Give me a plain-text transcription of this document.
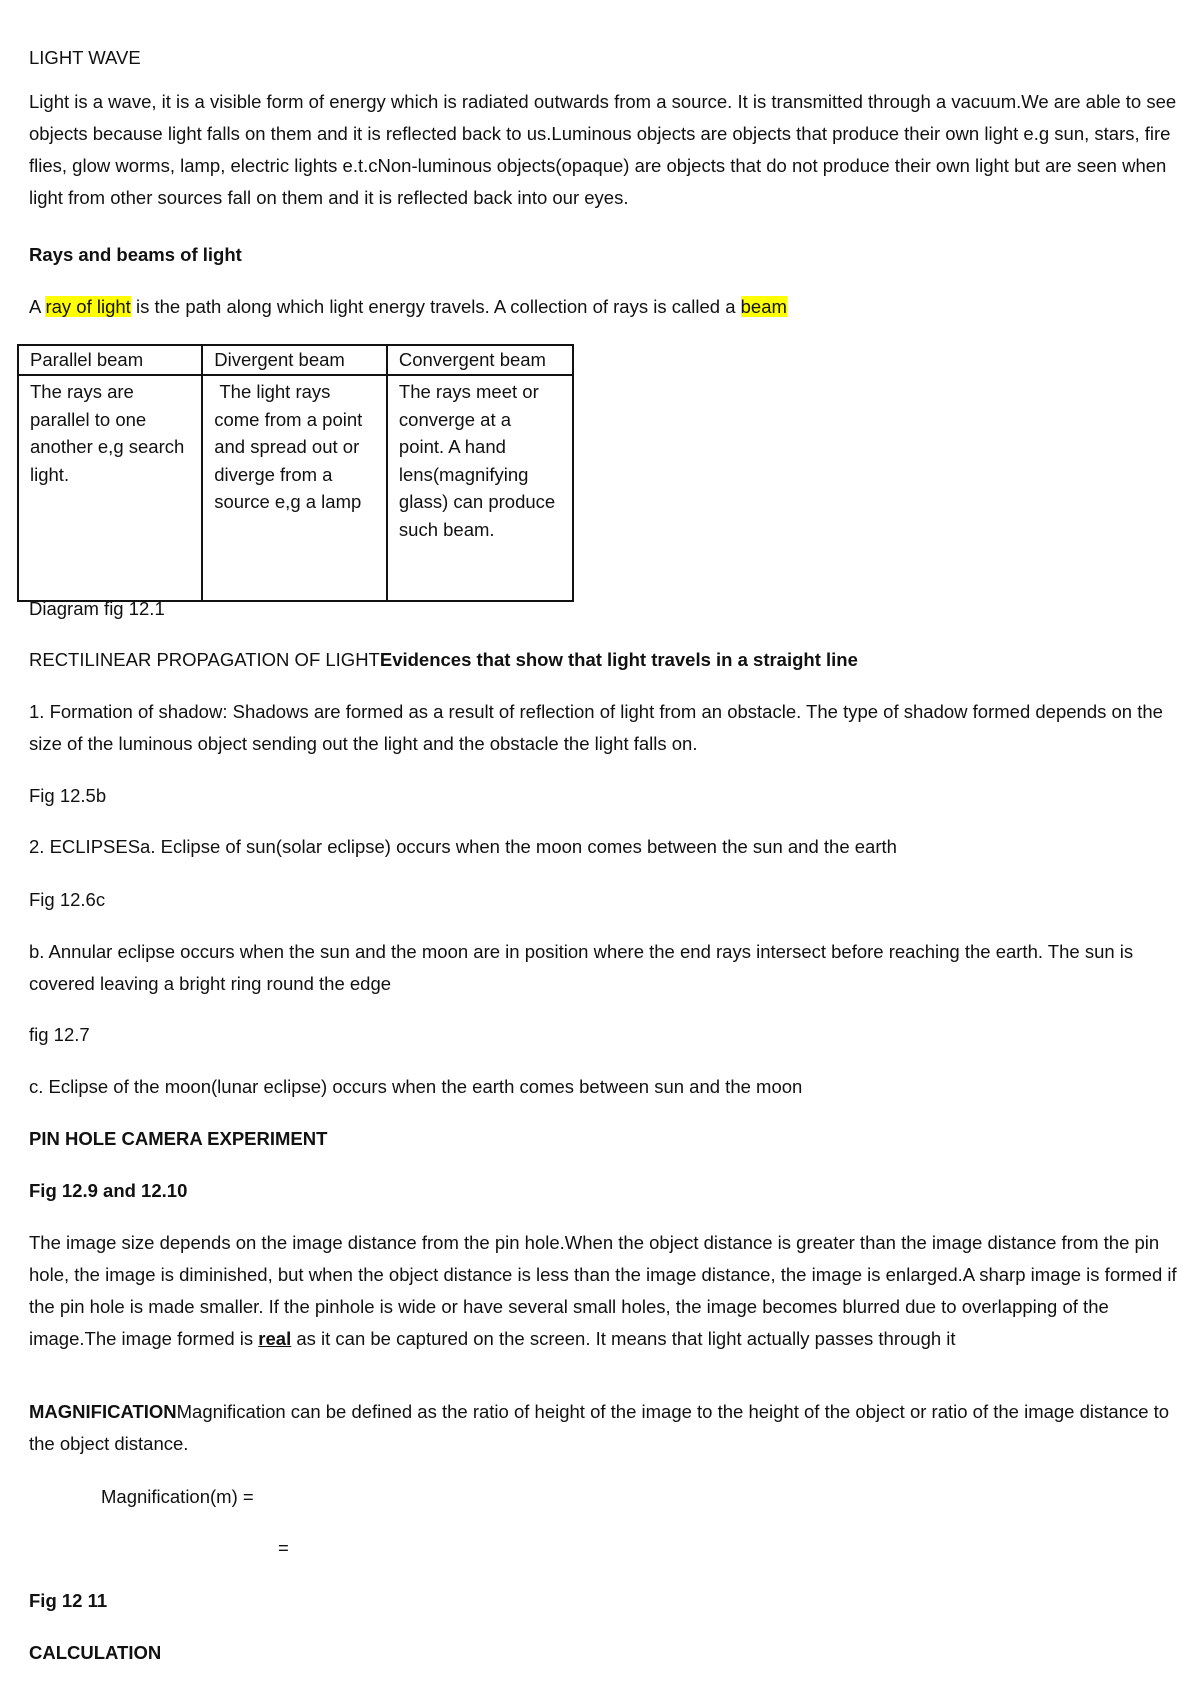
LIGHT WAVE

Light is a wave, it is a visible form of energy which is radiated outwards from a source. It is transmitted through a vacuum.We are able to see objects because light falls on them and it is reflected back to us.Luminous objects are objects that produce their own light e.g sun, stars, fire flies, glow worms, lamp, electric lights e.t.cNon-luminous objects(opaque) are objects that do not produce their own light but are seen when light from other sources fall on them and it is reflected back into our eyes.

Rays and beams of light

A ray of light is the path along which light energy travels. A collection of rays is called a beam

Parallel beam	Divergent beam	Convergent beam
The rays are parallel to one another e,g search light.	The light rays come from a point and spread out or diverge from a source e,g a lamp	The rays meet or converge at a point. A hand lens(magnifying glass) can produce such beam.

Diagram fig 12.1

RECTILINEAR PROPAGATION OF LIGHTEvidences that show that light travels in a straight line

1. Formation of shadow: Shadows are formed as a result of reflection of light from an obstacle. The type of shadow formed depends on the size of the luminous object sending out the light and the obstacle the light falls on.

Fig 12.5b

2. ECLIPSESa. Eclipse of sun(solar eclipse) occurs when the moon comes between the sun and the earth

Fig 12.6c

b. Annular eclipse occurs when the sun and the moon are in position where the end rays intersect before reaching the earth. The sun is covered leaving a bright ring round the edge

fig 12.7

c. Eclipse of the moon(lunar eclipse) occurs when the earth comes between sun and the moon

PIN HOLE CAMERA EXPERIMENT

Fig 12.9 and 12.10

The image size depends on the image distance from the pin hole.When the object distance is greater than the image distance from the pin hole, the image is diminished, but when the object distance is less than the image distance, the image is enlarged.A sharp image is formed if the pin hole is made smaller. If the pinhole is wide or have several small holes, the image becomes blurred due to overlapping of the image.The image formed is real as it can be captured on the screen. It means that light actually passes through it

MAGNIFICATIONMagnification can be defined as the ratio of height of the image to the height of the object or ratio of the image distance to the object distance.

Magnification(m) =

=

Fig 12 11

CALCULATION
